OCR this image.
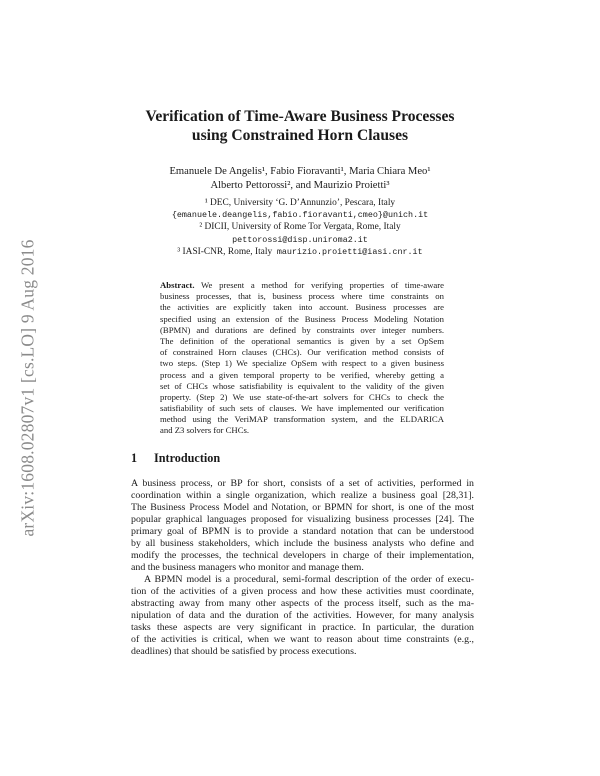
arXiv:1608.02807v1 [cs.LO] 9 Aug 2016
Verification of Time-Aware Business Processes
using Constrained Horn Clauses
Emanuele De Angelis¹, Fabio Fioravanti¹, Maria Chiara Meo¹
Alberto Pettorossi², and Maurizio Proietti³
¹ DEC, University ‘G. D’Annunzio’, Pescara, Italy
{emanuele.deangelis,fabio.fioravanti,cmeo}@unich.it
² DICII, University of Rome Tor Vergata, Rome, Italy
pettorossi@disp.uniroma2.it
³ IASI-CNR, Rome, Italy maurizio.proietti@iasi.cnr.it
Abstract. We present a method for verifying properties of time-aware
business processes, that is, business process where time constraints on
the activities are explicitly taken into account. Business processes are
specified using an extension of the Business Process Modeling Notation
(BPMN) and durations are defined by constraints over integer numbers.
The definition of the operational semantics is given by a set OpSem
of constrained Horn clauses (CHCs). Our verification method consists of
two steps. (Step 1) We specialize OpSem with respect to a given business
process and a given temporal property to be verified, whereby getting a
set of CHCs whose satisfiability is equivalent to the validity of the given
property. (Step 2) We use state-of-the-art solvers for CHCs to check the
satisfiability of such sets of clauses. We have implemented our verification
method using the VeriMAP transformation system, and the ELDARICA
and Z3 solvers for CHCs.
1 Introduction
A business process, or BP for short, consists of a set of activities, performed in
coordination within a single organization, which realize a business goal [28,31].
The Business Process Model and Notation, or BPMN for short, is one of the most
popular graphical languages proposed for visualizing business processes [24]. The
primary goal of BPMN is to provide a standard notation that can be understood
by all business stakeholders, which include the business analysts who define and
modify the processes, the technical developers in charge of their implementation,
and the business managers who monitor and manage them.
A BPMN model is a procedural, semi-formal description of the order of execu-
tion of the activities of a given process and how these activities must coordinate,
abstracting away from many other aspects of the process itself, such as the ma-
nipulation of data and the duration of the activities. However, for many analysis
tasks these aspects are very significant in practice. In particular, the duration
of the activities is critical, when we want to reason about time constraints (e.g.,
deadlines) that should be satisfied by process executions.
